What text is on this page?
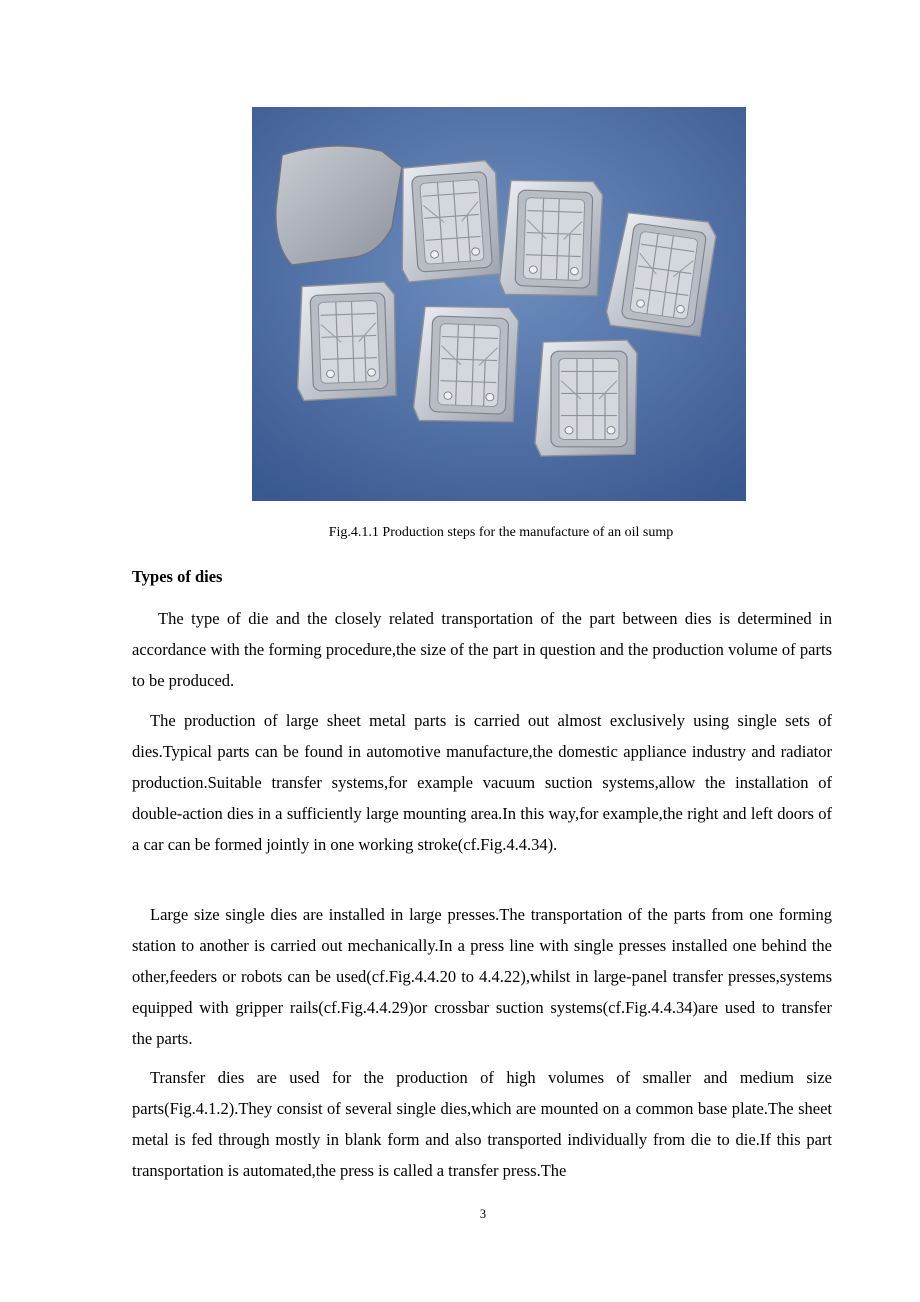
Fig.4.1.1 Production steps for the manufacture of an oil sump
Types of dies

The type of die and the closely related transportation of the part between dies is determined in accordance with the forming procedure,the size of the part in question and the production volume of parts to be produced.

The production of large sheet metal parts is carried out almost exclusively using single sets of dies.Typical parts can be found in automotive manufacture,the domestic appliance industry and radiator production.Suitable transfer systems,for example vacuum suction systems,allow the installation of double-action dies in a sufficiently large mounting area.In this way,for example,the right and left doors of a car can be formed jointly in one working stroke(cf.Fig.4.4.34).

Large size single dies are installed in large presses.The transportation of the parts from one forming station to another is carried out mechanically.In a press line with single presses installed one behind the other,feeders or robots can be used(cf.Fig.4.4.20 to 4.4.22),whilst in large-panel transfer presses,systems equipped with gripper rails(cf.Fig.4.4.29)or crossbar suction systems(cf.Fig.4.4.34)are used to transfer the parts.

Transfer dies are used for the production of high volumes of smaller and medium size parts(Fig.4.1.2).They consist of several single dies,which are mounted on a common base plate.The sheet metal is fed through mostly in blank form and also transported individually from die to die.If this part transportation is automated,the press is called a transfer press.The

3
